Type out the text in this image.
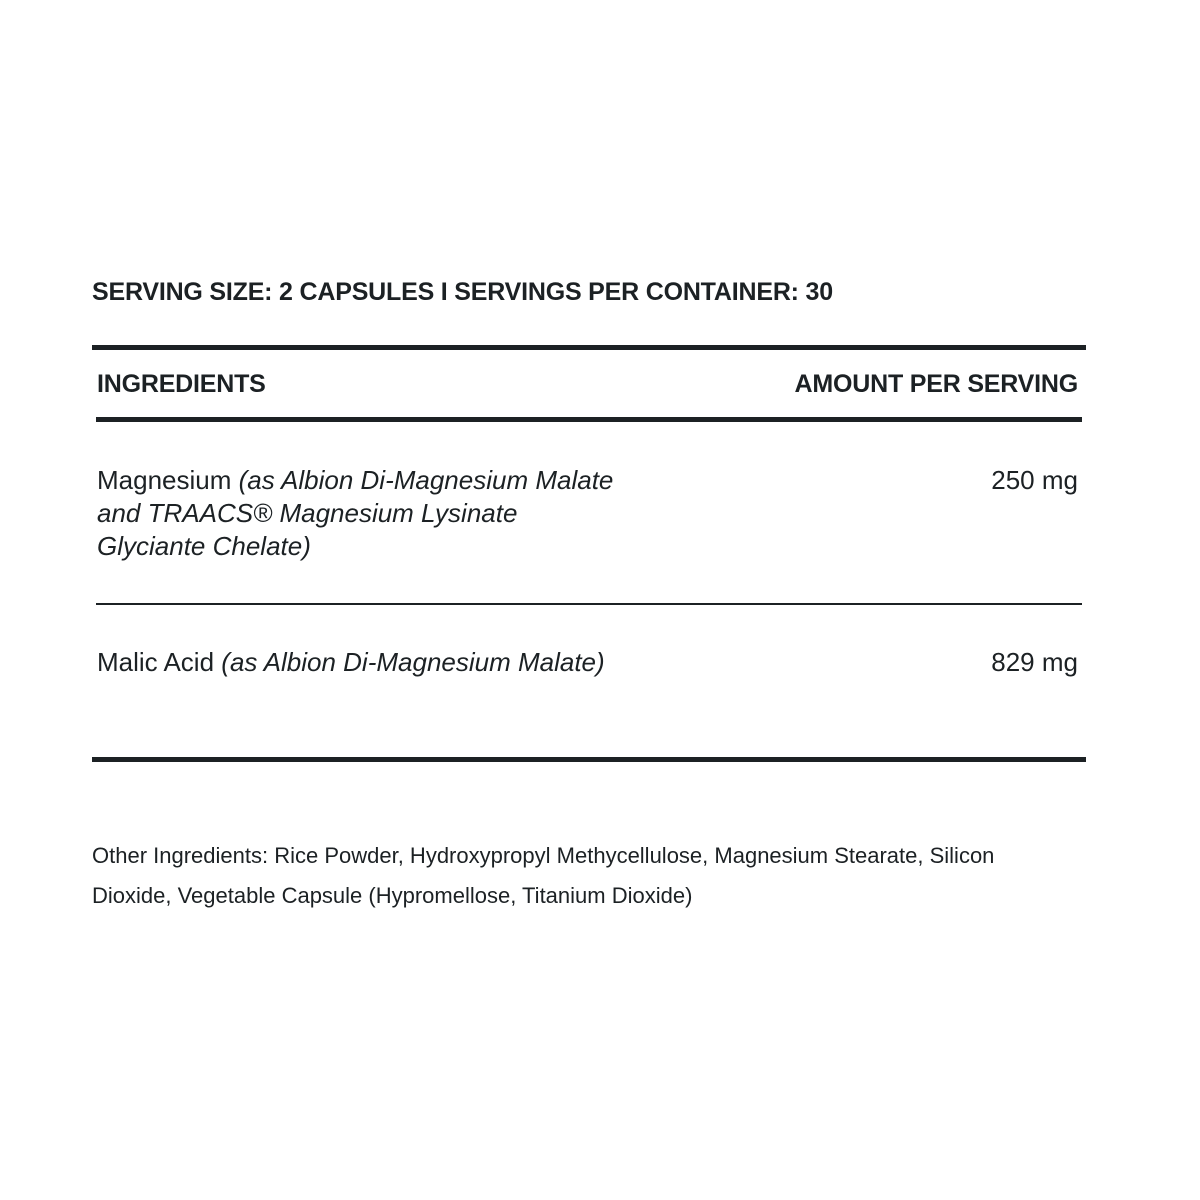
SERVING SIZE: 2 CAPSULES I SERVINGS PER CONTAINER: 30
INGREDIENTS	AMOUNT PER SERVING
Magnesium (as Albion Di-Magnesium Malate and TRAACS® Magnesium Lysinate Glyciante Chelate)
250 mg
Malic Acid (as Albion Di-Magnesium Malate)	829 mg
Other Ingredients: Rice Powder, Hydroxypropyl Methycellulose, Magnesium Stearate, Silicon Dioxide, Vegetable Capsule (Hypromellose, Titanium Dioxide)
